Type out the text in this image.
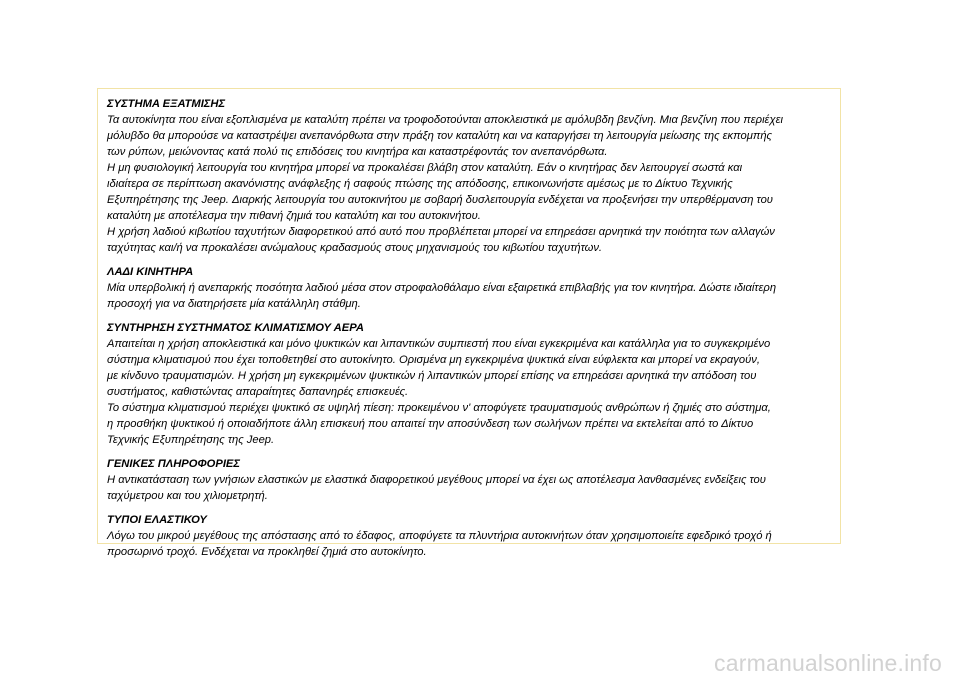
ΣΥΣΤΗΜΑ ΕΞΑΤΜΙΣΗΣ
Τα αυτοκίνητα που είναι εξοπλισμένα με καταλύτη πρέπει να τροφοδοτούνται αποκλειστικά με αμόλυβδη βενζίνη. Μια βενζίνη που περιέχει
μόλυβδο θα μπορούσε να καταστρέψει ανεπανόρθωτα στην πράξη τον καταλύτη και να καταργήσει τη λειτουργία μείωσης της εκπομπής
των ρύπων, μειώνοντας κατά πολύ τις επιδόσεις του κινητήρα και καταστρέφοντάς τον ανεπανόρθωτα.
Η μη φυσιολογική λειτουργία του κινητήρα μπορεί να προκαλέσει βλάβη στον καταλύτη. Εάν ο κινητήρας δεν λειτουργεί σωστά και
ιδιαίτερα σε περίπτωση ακανόνιστης ανάφλεξης ή σαφούς πτώσης της απόδοσης, επικοινωνήστε αμέσως με το Δίκτυο Τεχνικής
Εξυπηρέτησης της Jeep. Διαρκής λειτουργία του αυτοκινήτου με σοβαρή δυσλειτουργία ενδέχεται να προξενήσει την υπερθέρμανση του
καταλύτη με αποτέλεσμα την πιθανή ζημιά του καταλύτη και του αυτοκινήτου.
Η χρήση λαδιού κιβωτίου ταχυτήτων διαφορετικού από αυτό που προβλέπεται μπορεί να επηρεάσει αρνητικά την ποιότητα των αλλαγών
ταχύτητας και/ή να προκαλέσει ανώμαλους κραδασμούς στους μηχανισμούς του κιβωτίου ταχυτήτων.
ΛΑΔΙ ΚΙΝΗΤΗΡΑ
Μία υπερβολική ή ανεπαρκής ποσότητα λαδιού μέσα στον στροφαλοθάλαμο είναι εξαιρετικά επιβλαβής για τον κινητήρα. Δώστε ιδιαίτερη
προσοχή για να διατηρήσετε μία κατάλληλη στάθμη.
ΣΥΝΤΗΡΗΣΗ ΣΥΣΤΗΜΑΤΟΣ ΚΛΙΜΑΤΙΣΜΟΥ ΑΕΡΑ
Απαιτείται η χρήση αποκλειστικά και μόνο ψυκτικών και λιπαντικών συμπιεστή που είναι εγκεκριμένα και κατάλληλα για το συγκεκριμένο
σύστημα κλιματισμού που έχει τοποθετηθεί στο αυτοκίνητο. Ορισμένα μη εγκεκριμένα ψυκτικά είναι εύφλεκτα και μπορεί να εκραγούν,
με κίνδυνο τραυματισμών. Η χρήση μη εγκεκριμένων ψυκτικών ή λιπαντικών μπορεί επίσης να επηρεάσει αρνητικά την απόδοση του
συστήματος, καθιστώντας απαραίτητες δαπανηρές επισκευές.
Το σύστημα κλιματισμού περιέχει ψυκτικό σε υψηλή πίεση: προκειμένου ν' αποφύγετε τραυματισμούς ανθρώπων ή ζημιές στο σύστημα,
η προσθήκη ψυκτικού ή οποιαδήποτε άλλη επισκευή που απαιτεί την αποσύνδεση των σωλήνων πρέπει να εκτελείται από το Δίκτυο
Τεχνικής Εξυπηρέτησης της Jeep.
ΓΕΝΙΚΕΣ ΠΛΗΡΟΦΟΡΙΕΣ
Η αντικατάσταση των γνήσιων ελαστικών με ελαστικά διαφορετικού μεγέθους μπορεί να έχει ως αποτέλεσμα λανθασμένες ενδείξεις του
ταχύμετρου και του χιλιομετρητή.
ΤΥΠΟΙ ΕΛΑΣΤΙΚΟΥ
Λόγω του μικρού μεγέθους της απόστασης από το έδαφος, αποφύγετε τα πλυντήρια αυτοκινήτων όταν χρησιμοποιείτε εφεδρικό τροχό ή
προσωρινό τροχό. Ενδέχεται να προκληθεί ζημιά στο αυτοκίνητο.
carmanualsonline.info
